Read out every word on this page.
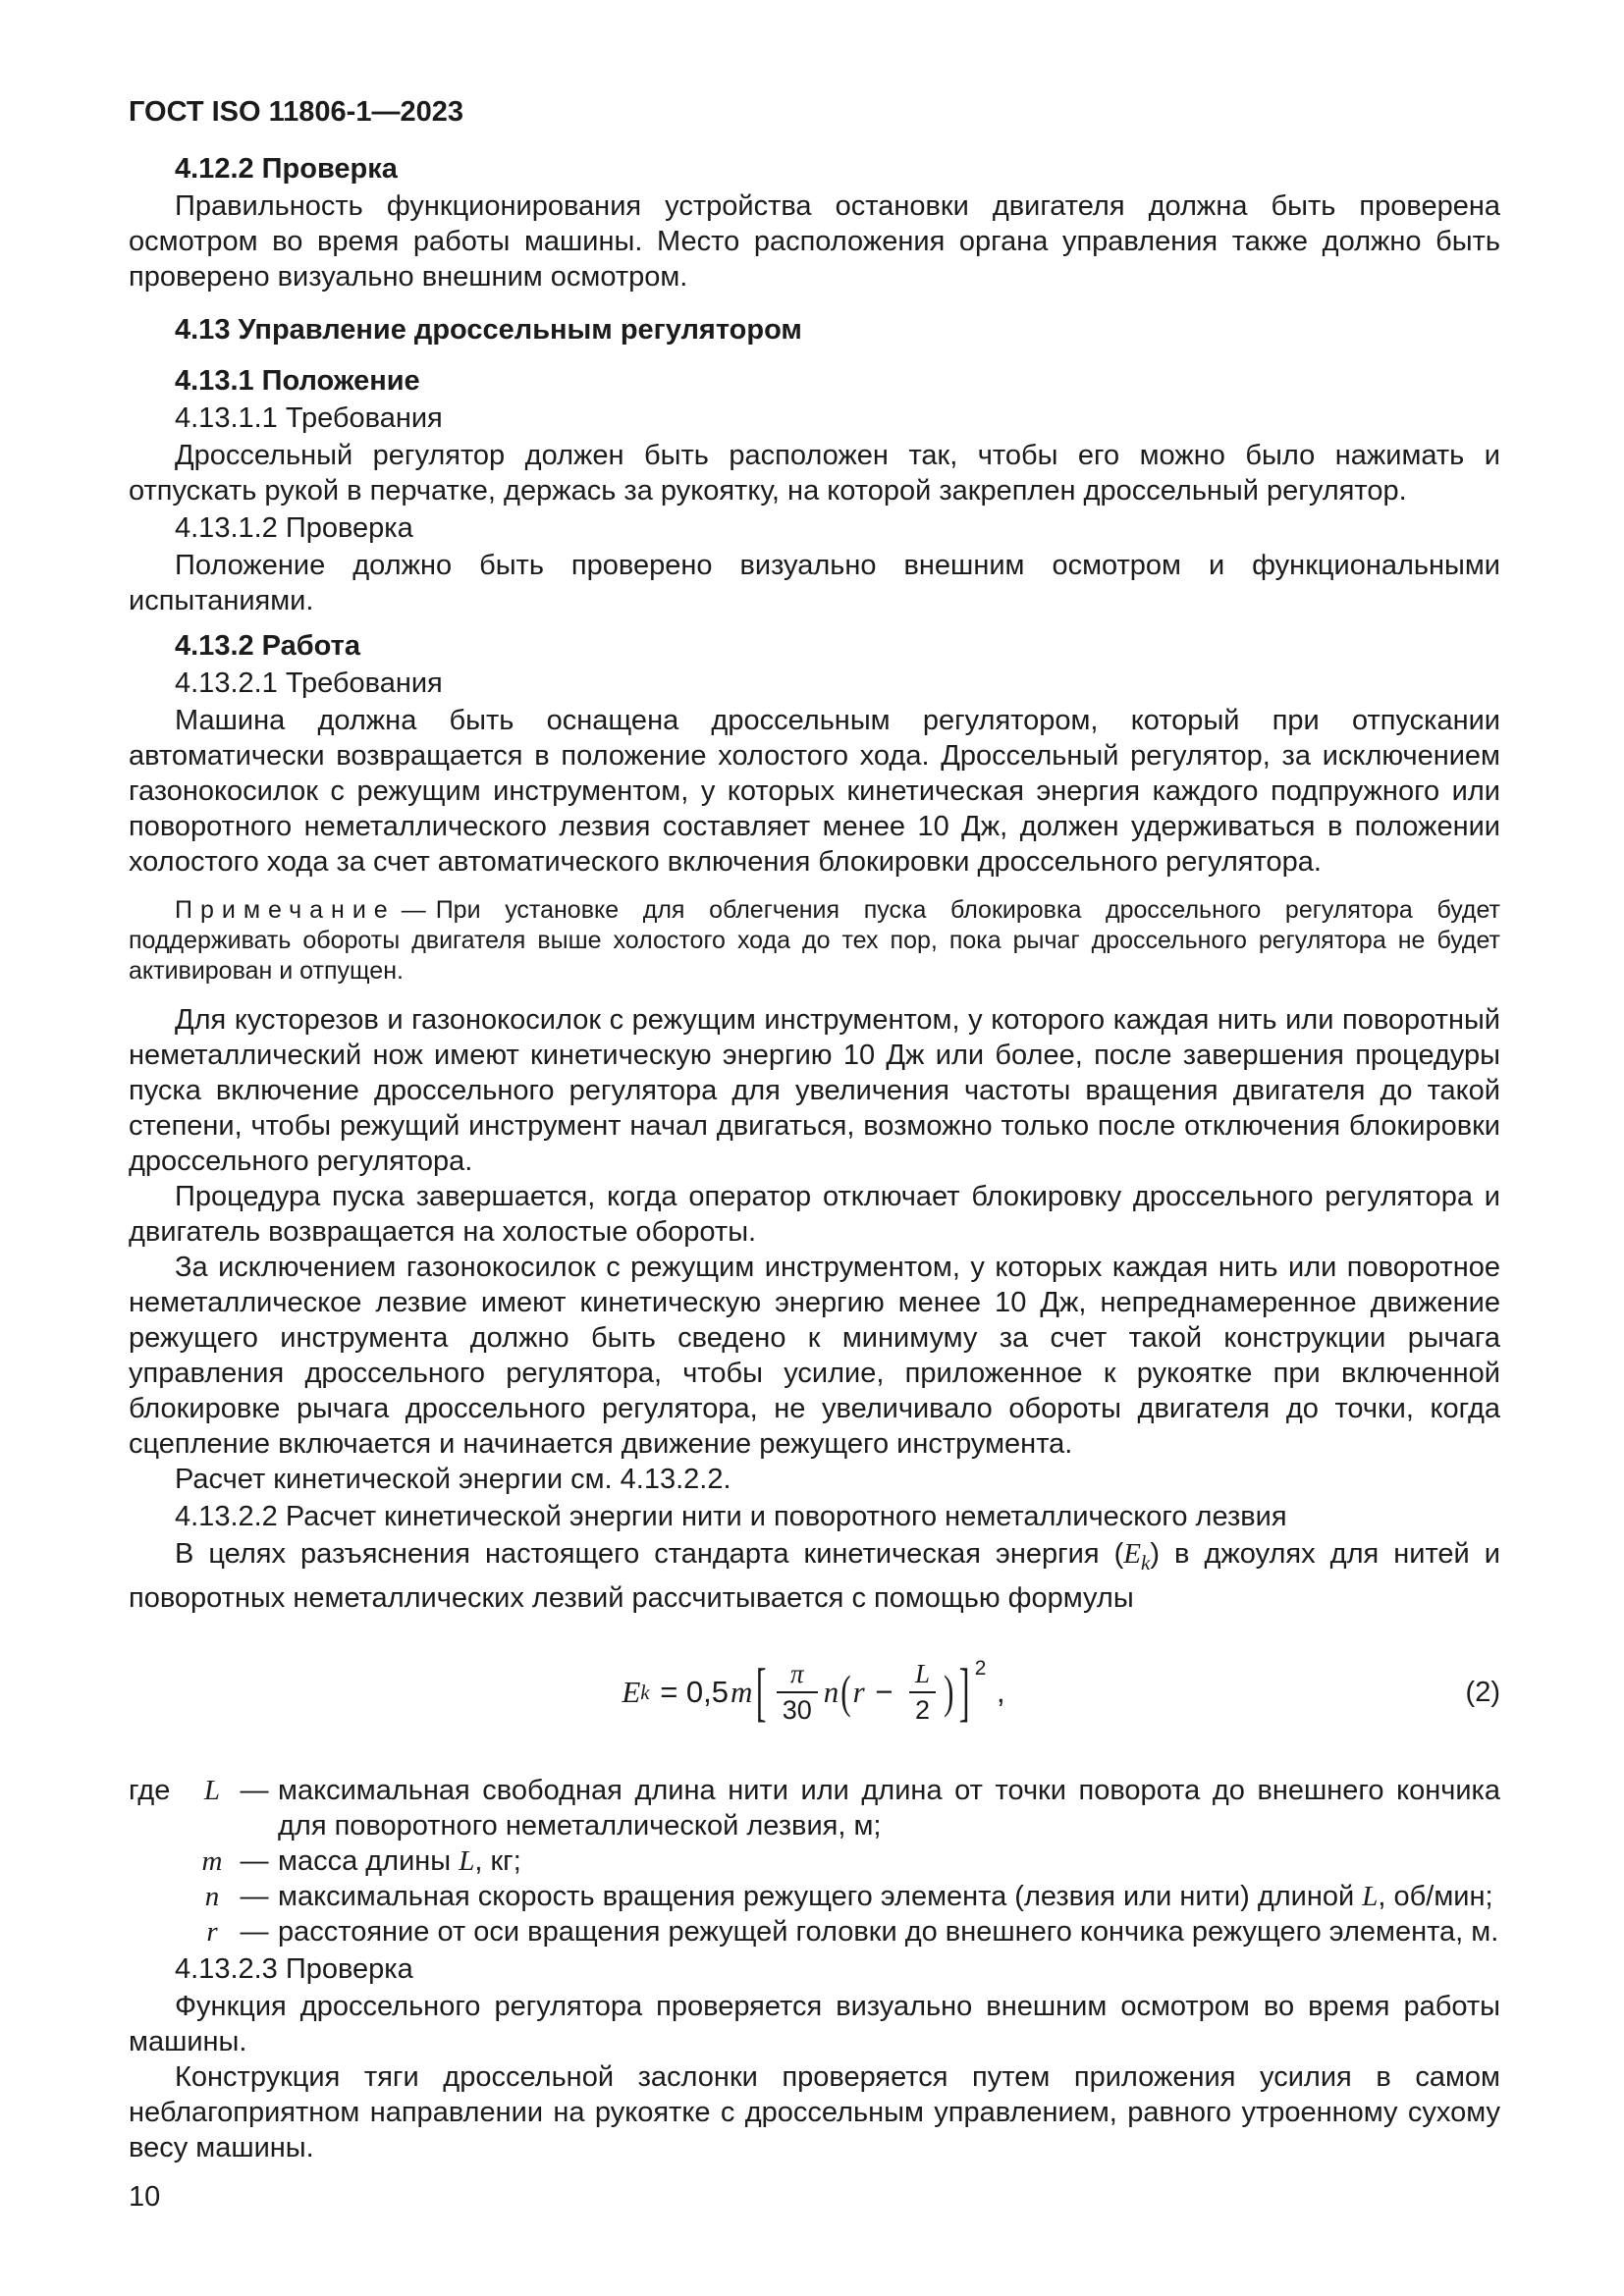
ГОСТ ISO 11806-1—2023
4.12.2 Проверка

Правильность функционирования устройства остановки двигателя должна быть проверена осмотром во время работы машины. Место расположения органа управления также должно быть проверено визуально внешним осмотром.

4.13 Управление дроссельным регулятором
4.13.1 Положение
4.13.1.1 Требования

Дроссельный регулятор должен быть расположен так, чтобы его можно было нажимать и отпускать рукой в перчатке, держась за рукоятку, на которой закреплен дроссельный регулятор.

4.13.1.2 Проверка

Положение должно быть проверено визуально внешним осмотром и функциональными испытаниями.

4.13.2 Работа
4.13.2.1 Требования

Машина должна быть оснащена дроссельным регулятором, который при отпускании автоматически возвращается в положение холостого хода. Дроссельный регулятор, за исключением газонокосилок с режущим инструментом, у которых кинетическая энергия каждого подпружного или поворотного неметаллического лезвия составляет менее 10 Дж, должен удерживаться в положении холостого хода за счет автоматического включения блокировки дроссельного регулятора.

Примечание — При установке для облегчения пуска блокировка дроссельного регулятора будет поддерживать обороты двигателя выше холостого хода до тех пор, пока рычаг дроссельного регулятора не будет активирован и отпущен.

Для кусторезов и газонокосилок с режущим инструментом, у которого каждая нить или поворотный неметаллический нож имеют кинетическую энергию 10 Дж или более, после завершения процедуры пуска включение дроссельного регулятора для увеличения частоты вращения двигателя до такой степени, чтобы режущий инструмент начал двигаться, возможно только после отключения блокировки дроссельного регулятора.

Процедура пуска завершается, когда оператор отключает блокировку дроссельного регулятора и двигатель возвращается на холостые обороты.

За исключением газонокосилок с режущим инструментом, у которых каждая нить или поворотное неметаллическое лезвие имеют кинетическую энергию менее 10 Дж, непреднамеренное движение режущего инструмента должно быть сведено к минимуму за счет такой конструкции рычага управления дроссельного регулятора, чтобы усилие, приложенное к рукоятке при включенной блокировке рычага дроссельного регулятора, не увеличивало обороты двигателя до точки, когда сцепление включается и начинается движение режущего инструмента.

Расчет кинетической энергии см. 4.13.2.2.

4.13.2.2 Расчет кинетической энергии нити и поворотного неметаллического лезвия

В целях разъяснения настоящего стандарта кинетическая энергия $(E_k)$ в джоулях для нитей и поворотных неметаллических лезвий рассчитывается с помощью формулы

E k = 0,5 m [ $\frac{\pi}{30}$ n ( $r - \frac{L}{2}$ ) ] 2
,	(2)
где	L — максимальная свободная длина нити или длина от точки поворота до внешнего кончика для поворотного неметаллической лезвия, м;
m — масса длины L, кг;
n — максимальная скорость вращения режущего элемента (лезвия или нити) длиной L, об/мин;
r — расстояние от оси вращения режущей головки до внешнего кончика режущего элемента, м.
4.13.2.3 Проверка

Функция дроссельного регулятора проверяется визуально внешним осмотром во время работы машины.

Конструкция тяги дроссельной заслонки проверяется путем приложения усилия в самом неблагоприятном направлении на рукоятке с дроссельным управлением, равного утроенному сухому весу машины.

10
